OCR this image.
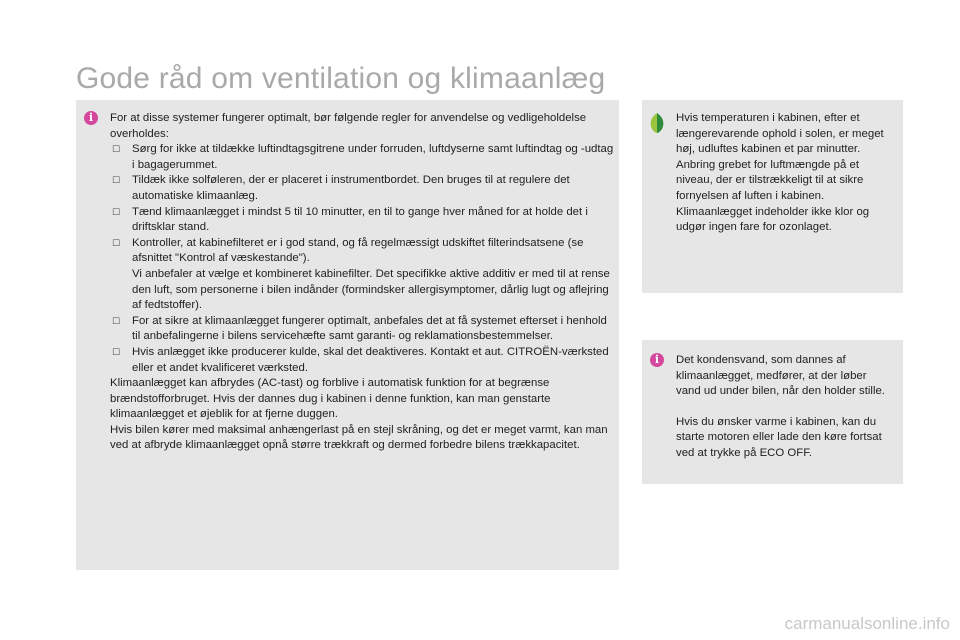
Gode råd om ventilation og klimaanlæg
i	For at disse systemer fungerer optimalt, bør følgende regler for anvendelse og vedligeholdelse overholdes:

☐ Sørg for ikke at tildække luftindtagsgitrene under forruden, luftdyserne samt luftindtag og -udtag i bagagerummet.
☐ Tildæk ikke solføleren, der er placeret i instrumentbordet. Den bruges til at regulere det automatiske klimaanlæg.
☐ Tænd klimaanlægget i mindst 5 til 10 minutter, en til to gange hver måned for at holde det i driftsklar stand.
☐ Kontroller, at kabinefilteret er i god stand, og få regelmæssigt udskiftet filterindsatsene (se afsnittet "Kontrol af væskestande").
Vi anbefaler at vælge et kombineret kabinefilter. Det specifikke aktive additiv er med til at rense den luft, som personerne i bilen indånder (formindsker allergisymptomer, dårlig lugt og aflejring af fedtstoffer).
☐ For at sikre at klimaanlægget fungerer optimalt, anbefales det at få systemet efterset i henhold til anbefalingerne i bilens servicehæfte samt garanti- og reklamationsbestemmelser.
☐ Hvis anlægget ikke producerer kulde, skal det deaktiveres. Kontakt et aut. CITROËN-værksted eller et andet kvalificeret værksted.

Klimaanlægget kan afbrydes (AC-tast) og forblive i automatisk funktion for at begrænse brændstofforbruget. Hvis der dannes dug i kabinen i denne funktion, kan man genstarte klimaanlægget et øjeblik for at fjerne duggen.

Hvis bilen kører med maksimal anhængerlast på en stejl skråning, og det er meget varmt, kan man ved at afbryde klimaanlægget opnå større trækkraft og dermed forbedre bilens trækkapacitet.

Hvis temperaturen i kabinen, efter et længerevarende ophold i solen, er meget høj, udluftes kabinen et par minutter.

Anbring grebet for luftmængde på et niveau, der er tilstrækkeligt til at sikre fornyelsen af luften i kabinen.

Klimaanlægget indeholder ikke klor og udgør ingen fare for ozonlaget.

i	Det kondensvand, som dannes af klimaanlægget, medfører, at der løber vand ud under bilen, når den holder stille.

Hvis du ønsker varme i kabinen, kan du starte motoren eller lade den køre fortsat ved at trykke på ECO OFF.

carmanualsonline.info
